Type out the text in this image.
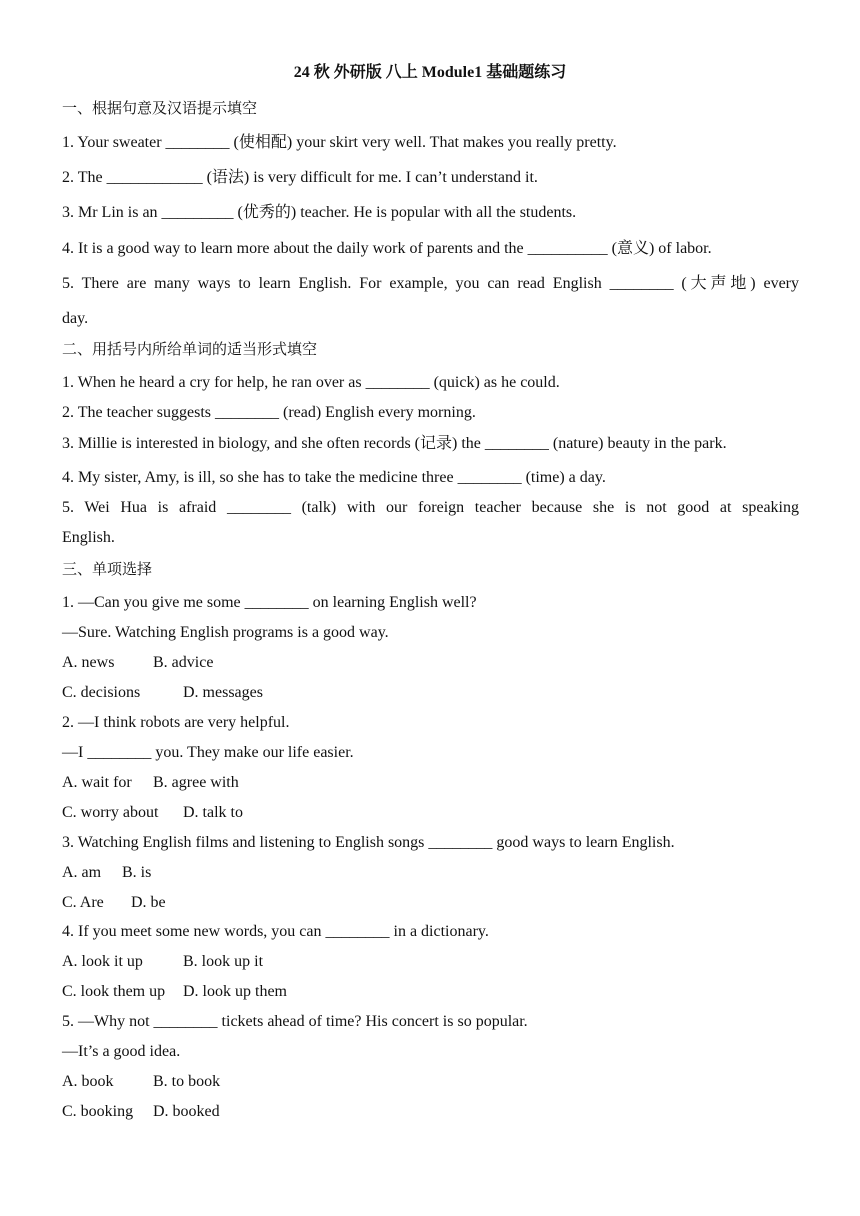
24 秋 外研版 八上 Module1 基础题练习
一、根据句意及汉语提示填空
1. Your sweater ________ (使相配) your skirt very well. That makes you really pretty.
2. The ____________ (语法) is very difficult for me. I can’t understand it.
3. Mr Lin is an _________ (优秀的) teacher. He is popular with all the students.
4. It is a good way to learn more about the daily work of parents and the __________ (意义) of labor.
5. There are many ways to learn English. For example, you can read English ________ (大声地) every
day.
二、用括号内所给单词的适当形式填空
1. When he heard a cry for help, he ran over as ________ (quick) as he could.
2. The teacher suggests ________ (read) English every morning.
3. Millie is interested in biology, and she often records (记录) the ________ (nature) beauty in the park.
4. My sister, Amy, is ill, so she has to take the medicine three ________ (time) a day.
5. Wei Hua is afraid ________ (talk) with our foreign teacher because she is not good at speaking
English.
三、单项选择
1. —Can you give me some ________ on learning English well?
—Sure. Watching English programs is a good way.
A. news B. advice
C. decisions	D. messages
2. —I think robots are very helpful.
—I ________ you. They make our life easier.
A. wait for B. agree with
C. worry about D. talk to
3. Watching English films and listening to English songs ________ good ways to learn English.
A. am B. is
C. Are D. be
4. If you meet some new words, you can ________ in a dictionary.
A. look it up	B. look up it
C. look them up D. look up them
5. —Why not ________ tickets ahead of time? His concert is so popular.
—It’s a good idea.
A. book B. to book
C. booking D. booked
